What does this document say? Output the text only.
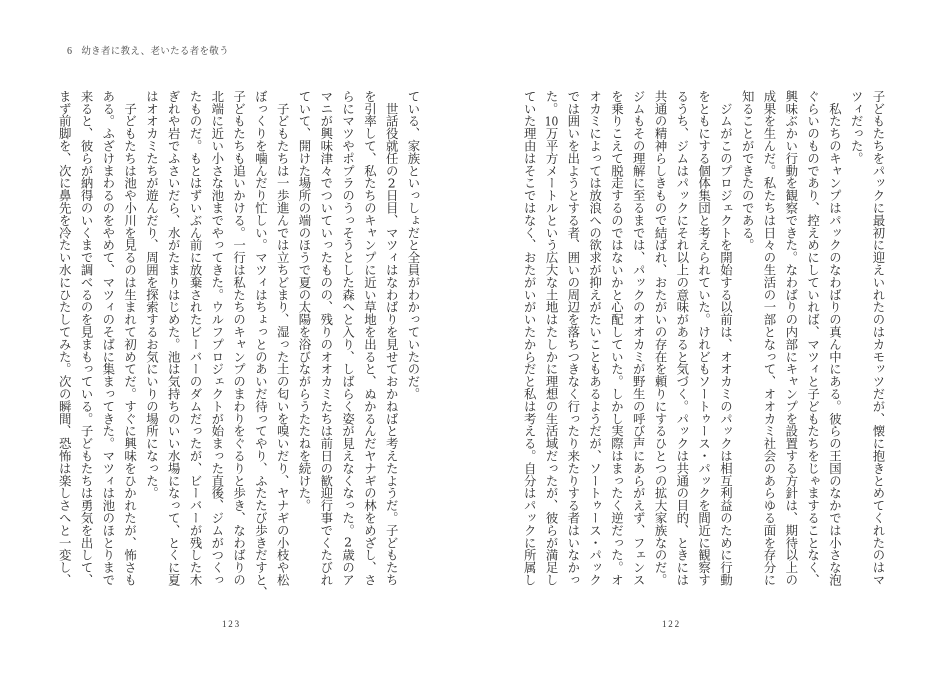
6 幼き者に教え、老いたる者を敬う
ている、家族といっしょだと全員がわかっていたのだ。
　世話役就任の2日目、マツィはなわばりを見せておかねばと考えたようだ。子どもたち
を引率して、私たちのキャンプに近い草地を出ると、ぬかるんだヤナギの林をめざし、さ
らにマツやポプラのうっそうとした森へと入り、しばらく姿が見えなくなった。2歳のア
マニが興味津々でついていったものの、残りのオオカミたちは前日の歓迎行事でくたびれ
ていて、開けた場所の端のほうで夏の太陽を浴びながらうたたねを続けた。
　子どもたちは一歩進んでは立ちどまり、湿った土の匂いを嗅いだり、ヤナギの小枝や松
ぼっくりを噛んだり忙しい。マツィはちょっとのあいだ待ってやり、ふたたび歩きだすと、
子どもたちも追いかける。一行は私たちのキャンプのまわりをぐるりと歩き、なわばりの
北端に近い小さな池までやってきた。ウルフプロジェクトが始まった直後、ジムがつくっ
たものだ。もとはずいぶん前に放棄されたビーバーのダムだったが、ビーバーが残した木
ぎれや岩でふさいだら、水がたまりはじめた。池は気持ちのいい水場になって、とくに夏
はオオカミたちが遊んだり、周囲を探索するお気にいりの場所になった。
　子どもたちは池や小川を見るのは生まれて初めてだ。すぐに興味をひかれたが、怖さも
ある。ふざけまわるのをやめて、マツィのそばに集まってきた。マツィは池のほとりまで
来ると、彼らが納得のいくまで調べるのを見まもっている。子どもたちは勇気を出して、
まず前脚を、次に鼻先を冷たい水にひたしてみた。次の瞬間、恐怖は楽しさへと一変し、
123
子どもたちをパックに最初に迎えいれたのはカモッツだが、懐に抱きとめてくれたのはマ
ツィだった。
　私たちのキャンプはパックのなわばりの真ん中にある。彼らの王国のなかでは小さな泡
ぐらいのものであり、控えめにしていれば、マツィと子どもたちをじゃますることなく、
興味ぶかい行動を観察できた。なわばりの内部にキャンプを設置する方針は、期待以上の
成果を生んだ。私たちは日々の生活の一部となって、オオカミ社会のあらゆる面を存分に
知ることができたのである。
　ジムがこのプロジェクトを開始する以前は、オオカミのパックは相互利益のために行動
をともにする個体集団と考えられていた。けれどもソートゥース・パックを間近に観察す
るうち、ジムはパックにそれ以上の意味があると気づく。パックは共通の目的、ときには
共通の精神らしきもので結ばれ、おたがいの存在を頼りにするひとつの拡大家族なのだ。
ジムもその理解に至るまでは、パックのオオカミが野生の呼び声にあらがえず、フェンス
を乗りこえて脱走するのではないかと心配していた。しかし実際はまったく逆だった。オ
オカミによっては放浪への欲求が抑えがたいこともあるようだが、ソートゥース・パック
では囲いを出ようとする者、囲いの周辺を落ちつきなく行ったり来たりする者はいなかっ
た。10万平方メートルという広大な土地はたしかに理想の生活域だったが、彼らが満足し
ていた理由はそこではなく、おたがいがいたからだと私は考える。自分はパックに所属し
122
